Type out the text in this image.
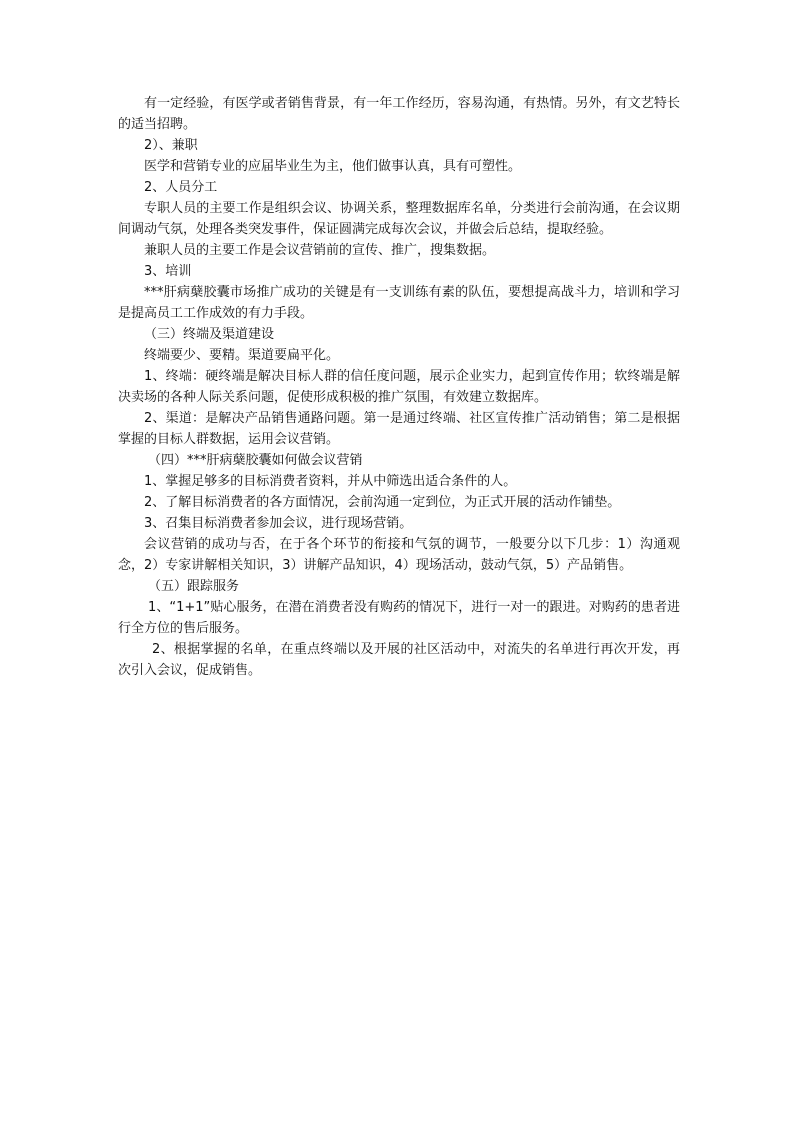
有一定经验，有医学或者销售背景，有一年工作经历，容易沟通，有热情。另外，有文艺特长的适当招聘。

2）、兼职

医学和营销专业的应届毕业生为主，他们做事认真，具有可塑性。

2、人员分工

专职人员的主要工作是组织会议、协调关系，整理数据库名单，分类进行会前沟通，在会议期间调动气氛，处理各类突发事件，保证圆满完成每次会议，并做会后总结，提取经验。

兼职人员的主要工作是会议营销前的宣传、推广，搜集数据。

3、培训

***肝病蘖胶囊市场推广成功的关键是有一支训练有素的队伍，要想提高战斗力，培训和学习是提高员工工作成效的有力手段。

（三）终端及渠道建设

终端要少、要精。渠道要扁平化。

1、终端：硬终端是解决目标人群的信任度问题，展示企业实力，起到宣传作用；软终端是解决卖场的各种人际关系问题，促使形成积极的推广氛围，有效建立数据库。

2、渠道：是解决产品销售通路问题。第一是通过终端、社区宣传推广活动销售；第二是根据掌握的目标人群数据，运用会议营销。

（四）***肝病蘖胶囊如何做会议营销

1、掌握足够多的目标消费者资料，并从中筛选出适合条件的人。

2、了解目标消费者的各方面情况，会前沟通一定到位，为正式开展的活动作铺垫。

3、召集目标消费者参加会议，进行现场营销。

会议营销的成功与否，在于各个环节的衔接和气氛的调节，一般要分以下几步：1）沟通观念，2）专家讲解相关知识，3）讲解产品知识，4）现场活动，鼓动气氛，5）产品销售。

（五）跟踪服务

1、“1+1”贴心服务，在潜在消费者没有购药的情况下，进行一对一的跟进。对购药的患者进行全方位的售后服务。

2、根据掌握的名单，在重点终端以及开展的社区活动中，对流失的名单进行再次开发，再次引入会议，促成销售。
